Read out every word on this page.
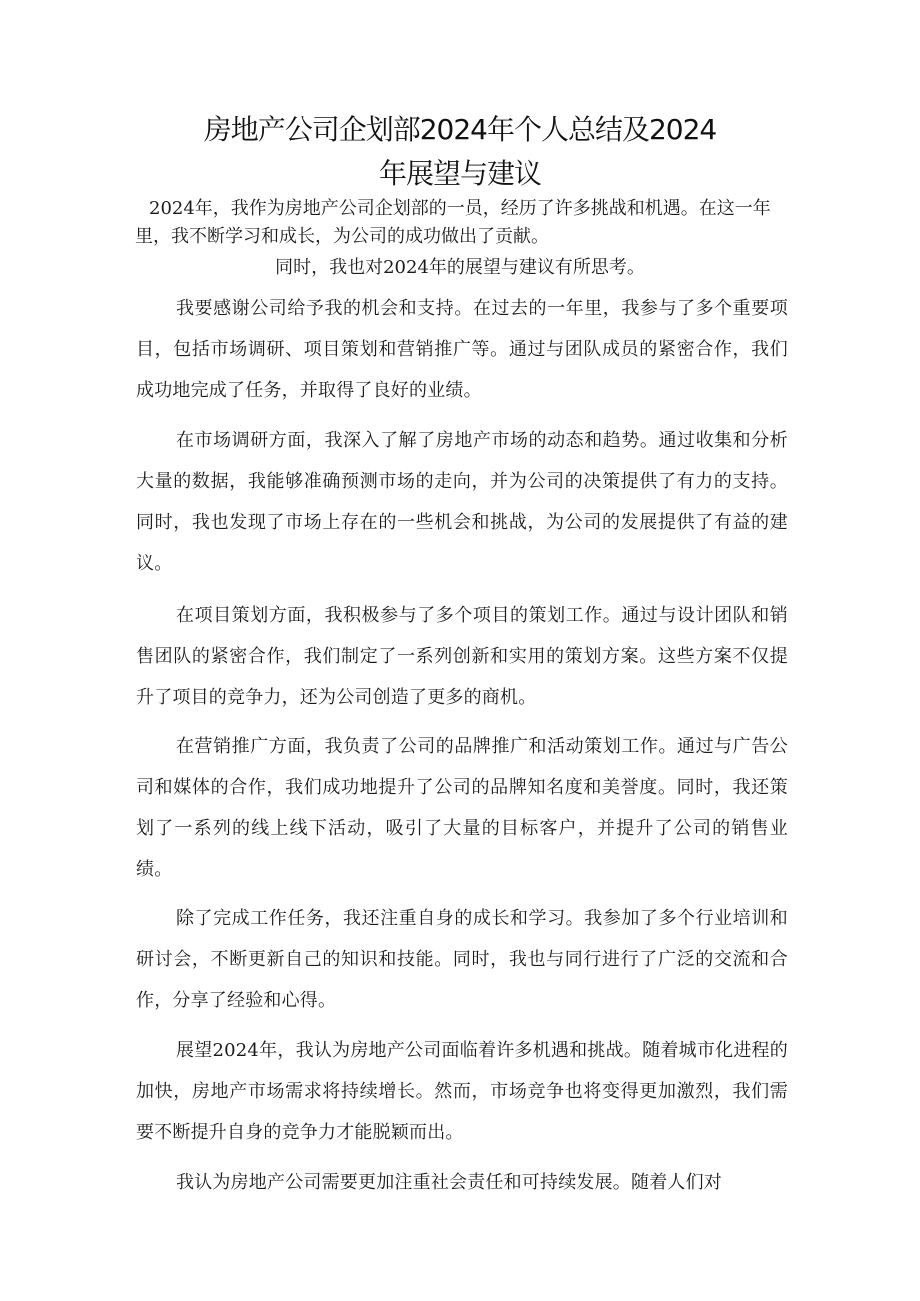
房地产公司企划部2024年个人总结及2024
年展望与建议

2024年，我作为房地产公司企划部的一员，经历了许多挑战和机遇。在这一年里，我不断学习和成长，为公司的成功做出了贡献。

同时，我也对2024年的展望与建议有所思考。

我要感谢公司给予我的机会和支持。在过去的一年里，我参与了多个重要项目，包括市场调研、项目策划和营销推广等。通过与团队成员的紧密合作，我们成功地完成了任务，并取得了良好的业绩。

在市场调研方面，我深入了解了房地产市场的动态和趋势。通过收集和分析大量的数据，我能够准确预测市场的走向，并为公司的决策提供了有力的支持。同时，我也发现了市场上存在的一些机会和挑战，为公司的发展提供了有益的建议。

在项目策划方面，我积极参与了多个项目的策划工作。通过与设计团队和销售团队的紧密合作，我们制定了一系列创新和实用的策划方案。这些方案不仅提升了项目的竞争力，还为公司创造了更多的商机。

在营销推广方面，我负责了公司的品牌推广和活动策划工作。通过与广告公司和媒体的合作，我们成功地提升了公司的品牌知名度和美誉度。同时，我还策划了一系列的线上线下活动，吸引了大量的目标客户，并提升了公司的销售业绩。

除了完成工作任务，我还注重自身的成长和学习。我参加了多个行业培训和研讨会，不断更新自己的知识和技能。同时，我也与同行进行了广泛的交流和合作，分享了经验和心得。

展望2024年，我认为房地产公司面临着许多机遇和挑战。随着城市化进程的加快，房地产市场需求将持续增长。然而，市场竞争也将变得更加激烈，我们需要不断提升自身的竞争力才能脱颖而出。

我认为房地产公司需要更加注重社会责任和可持续发展。随着人们对
